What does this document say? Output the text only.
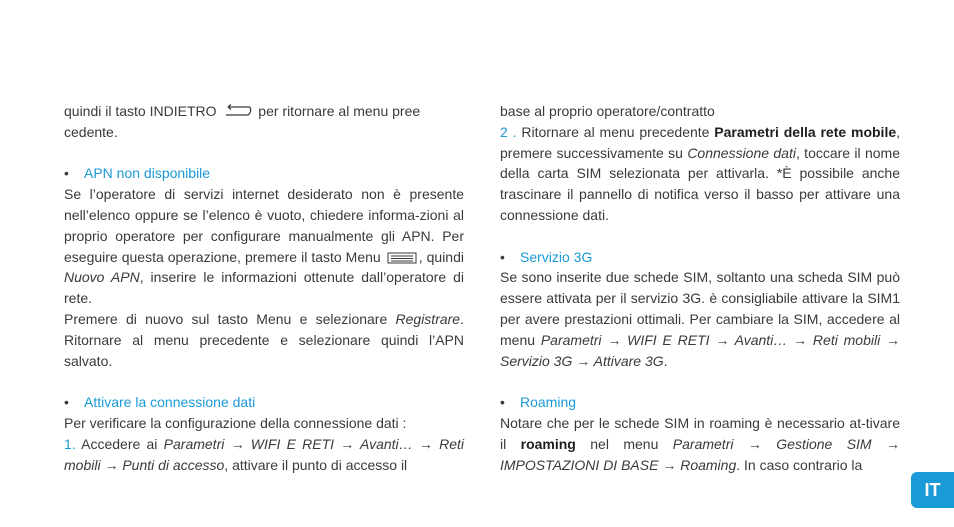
quindi il tasto INDIETRO	per ritornare al menu pree
cedente.

• APN non disponibile

Se l’operatore di servizi internet desiderato non è presente nell’elenco oppure se l’elenco è vuoto, chiedere informa-zioni al proprio operatore per configurare manualmente gli APN. Per eseguire questa operazione, premere il tasto Menu	, quindi Nuovo APN, inserire le informazioni ottenute dall’operatore di rete.

Premere di nuovo sul tasto Menu e selezionare Registrare. Ritornare al menu precedente e selezionare quindi l’APN salvato.

• Attivare la connessione dati

Per verificare la configurazione della connessione dati :

1. Accedere ai Parametri → WIFI E RETI → Avanti… → Reti mobili → Punti di accesso, attivare il punto di accesso il

base al proprio operatore/contratto

2 . Ritornare al menu precedente Parametri della rete mobile, premere successivamente su Connessione dati, toccare il nome della carta SIM selezionata per attivarla. *È possibile anche trascinare il pannello di notifica verso il basso per attivare una connessione dati.

• Servizio 3G

Se sono inserite due schede SIM, soltanto una scheda SIM può essere attivata per il servizio 3G. è consigliabile attivare la SIM1 per avere prestazioni ottimali. Per cambiare la SIM, accedere al menu Parametri → WIFI E RETI → Avanti… → Reti mobili → Servizio 3G → Attivare 3G.

• Roaming

Notare che per le schede SIM in roaming è necessario at-tivare il roaming nel menu Parametri → Gestione SIM → IMPOSTAZIONI DI BASE → Roaming. In caso contrario la

IT
